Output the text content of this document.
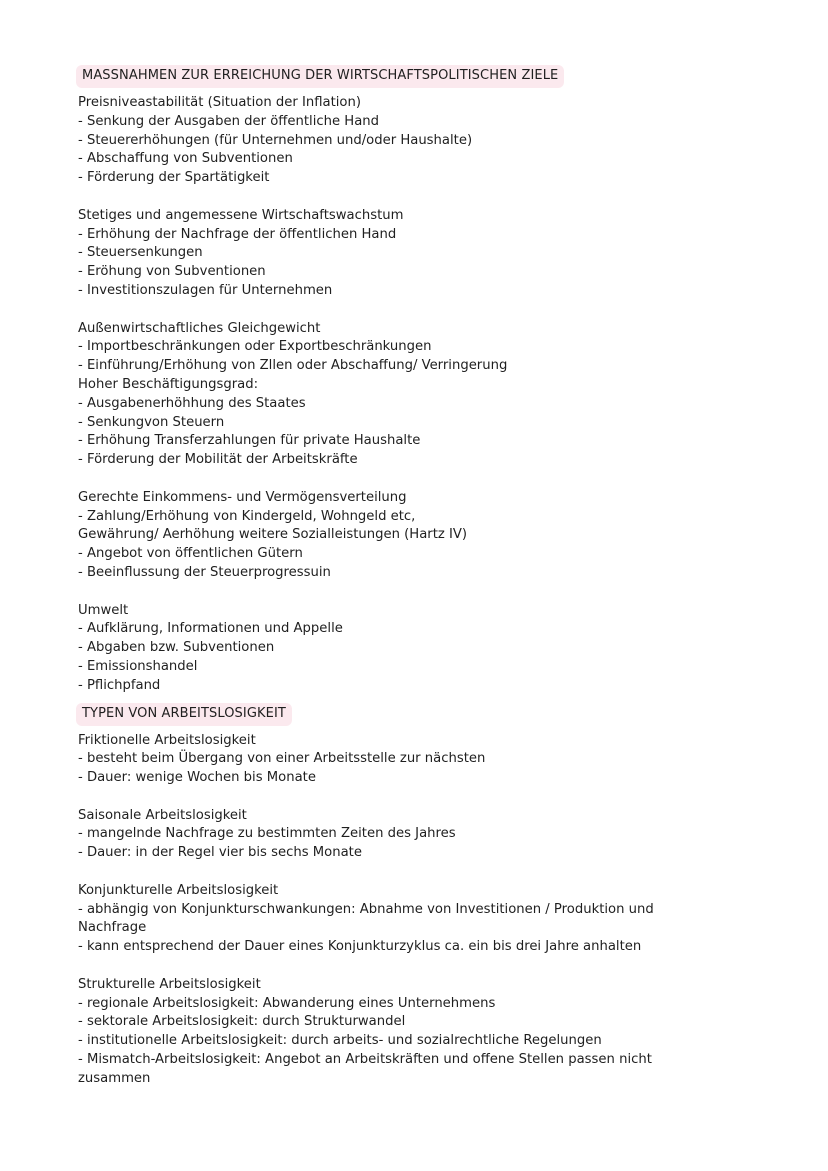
MASSNAHMEN ZUR ERREICHUNG DER WIRTSCHAFTSPOLITISCHEN ZIELE
Preisniveastabilität (Situation der Inflation)
- Senkung der Ausgaben der öffentliche Hand
- Steuererhöhungen (für Unternehmen und/oder Haushalte)
- Abschaffung von Subventionen
- Förderung der Spartätigkeit
Stetiges und angemessene Wirtschaftswachstum
- Erhöhung der Nachfrage der öffentlichen Hand
- Steuersenkungen
- Eröhung von Subventionen
- Investitionszulagen für Unternehmen
Außenwirtschaftliches Gleichgewicht
- Importbeschränkungen oder Exportbeschränkungen
- Einführung/Erhöhung von Zllen oder Abschaffung/ Verringerung
Hoher Beschäftigungsgrad:
- Ausgabenerhöhhung des Staates
- Senkungvon Steuern
- Erhöhung Transferzahlungen für private Haushalte
- Förderung der Mobilität der Arbeitskräfte
Gerechte Einkommens- und Vermögensverteilung
- Zahlung/Erhöhung von Kindergeld, Wohngeld etc,
Gewährung/ Aerhöhung weitere Sozialleistungen (Hartz IV)
- Angebot von öffentlichen Gütern
- Beeinflussung der Steuerprogressuin
Umwelt
- Aufklärung, Informationen und Appelle
- Abgaben bzw. Subventionen
- Emissionshandel
- Pflichpfand
TYPEN VON ARBEITSLOSIGKEIT
Friktionelle Arbeitslosigkeit
- besteht beim Übergang von einer Arbeitsstelle zur nächsten
- Dauer: wenige Wochen bis Monate
Saisonale Arbeitslosigkeit
- mangelnde Nachfrage zu bestimmten Zeiten des Jahres
- Dauer: in der Regel vier bis sechs Monate
Konjunkturelle Arbeitslosigkeit
- abhängig von Konjunkturschwankungen: Abnahme von Investitionen / Produktion und Nachfrage
- kann entsprechend der Dauer eines Konjunkturzyklus ca. ein bis drei Jahre anhalten
Strukturelle Arbeitslosigkeit
- regionale Arbeitslosigkeit: Abwanderung eines Unternehmens
- sektorale Arbeitslosigkeit: durch Strukturwandel
- institutionelle Arbeitslosigkeit: durch arbeits- und sozialrechtliche Regelungen
- Mismatch-Arbeitslosigkeit: Angebot an Arbeitskräften und offene Stellen passen nicht zusammen
